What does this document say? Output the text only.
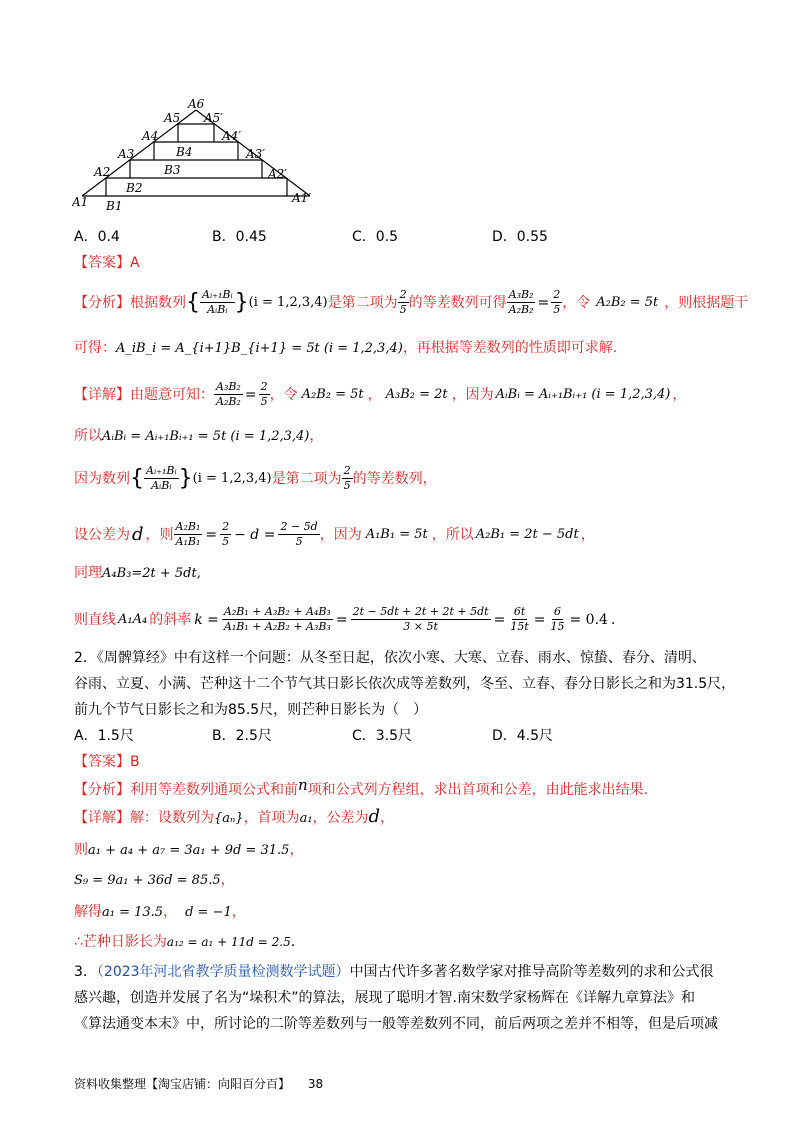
A6
A5 A5′
A4	A4′
A3	A3′
A2	A2′
A1	A1′
B1
B2
B3
B4
A．0.4	B．0.45	C．0.5	D．0.55
【答案】A
【分析】 根据数列 { $\frac{\text{Aᵢ₊₁Bᵢ}}{\text{AᵢBᵢ}}$ } (i = 1,2,3,4) 是第二项为 $\frac{2}{5}$ 的等差数列可得 $\frac{\text{A₃B₂}}{\text{A₂B₂}} = \frac{2}{5}$ ，令 A₂B₂ = 5t ，则根据题干
可得：A_iB_i = A_{i+1}B_{i+1} = 5t (i = 1,2,3,4)，再根据等差数列的性质即可求解.
【详解】 由题意可知： $\frac{\text{A₃B₂}}{\text{A₂B₂}} = \frac{2}{5}$ ，令 A₂B₂ = 5t ， A₃B₂ = 2t ，因为 AᵢBᵢ = Aᵢ₊₁Bᵢ₊₁ (i = 1,2,3,4) ，
所以AᵢBᵢ = Aᵢ₊₁Bᵢ₊₁ = 5t (i = 1,2,3,4)，
因为数列 { $\frac{\text{Aᵢ₊₁Bᵢ}}{\text{AᵢBᵢ}}$ } (i = 1,2,3,4) 是第二项为 $\frac{2}{5}$ 的等差数列，
设公差为 d ，则 $\frac{\text{A₂B₁}}{\text{A₁B₁}} = \frac{2}{5} - d = \frac{2 - 5d}{5}$ ，因为 A₁B₁ = 5t ，所以 A₂B₁ = 2t − 5dt ，
同理A₄B₃=2t + 5dt,
则直线 A₁A₄ 的斜率 $k = \frac{\text{A₂B₁ + A₃B₂ + A₄B₃}}{\text{A₁B₁ + A₂B₂ + A₃B₃}} = \frac{2t - 5dt + 2t + 2t + 5dt}{3 \times 5t} = \frac{6t}{15t} = \frac{6}{15} = 0.4$ .
2．《周髀算经》中有这样一个问题：从冬至日起，依次小寒、大寒、立春、雨水、惊蛰、春分、清明、
谷雨、立夏、小满、芒种这十二个节气其日影长依次成等差数列，冬至、立春、春分日影长之和为31.5尺，
前九个节气日影长之和为85.5尺，则芒种日影长为（　）
A．1.5尺	B．2.5尺	C．3.5尺	D．4.5尺
【答案】B
【分析】利用等差数列通项公式和前n项和公式列方程组，求出首项和公差，由此能求出结果.
【详解】解：设数列为{aₙ}，首项为a₁，公差为d，
则a₁ + a₄ + a₇ = 3a₁ + 9d = 31.5，
S₉ = 9a₁ + 36d = 85.5，
解得a₁ = 13.5， d = −1，
∴芒种日影长为a₁₂ = a₁ + 11d = 2.5.
3．（2023年河北省教学质量检测数学试题）中国古代许多著名数学家对推导高阶等差数列的求和公式很
感兴趣，创造并发展了名为“垛积术”的算法，展现了聪明才智.南宋数学家杨辉在《详解九章算法》和
《算法通变本末》中，所讨论的二阶等差数列与一般等差数列不同，前后两项之差并不相等，但是后项减
资料收集整理【淘宝店铺：向阳百分百】 38
